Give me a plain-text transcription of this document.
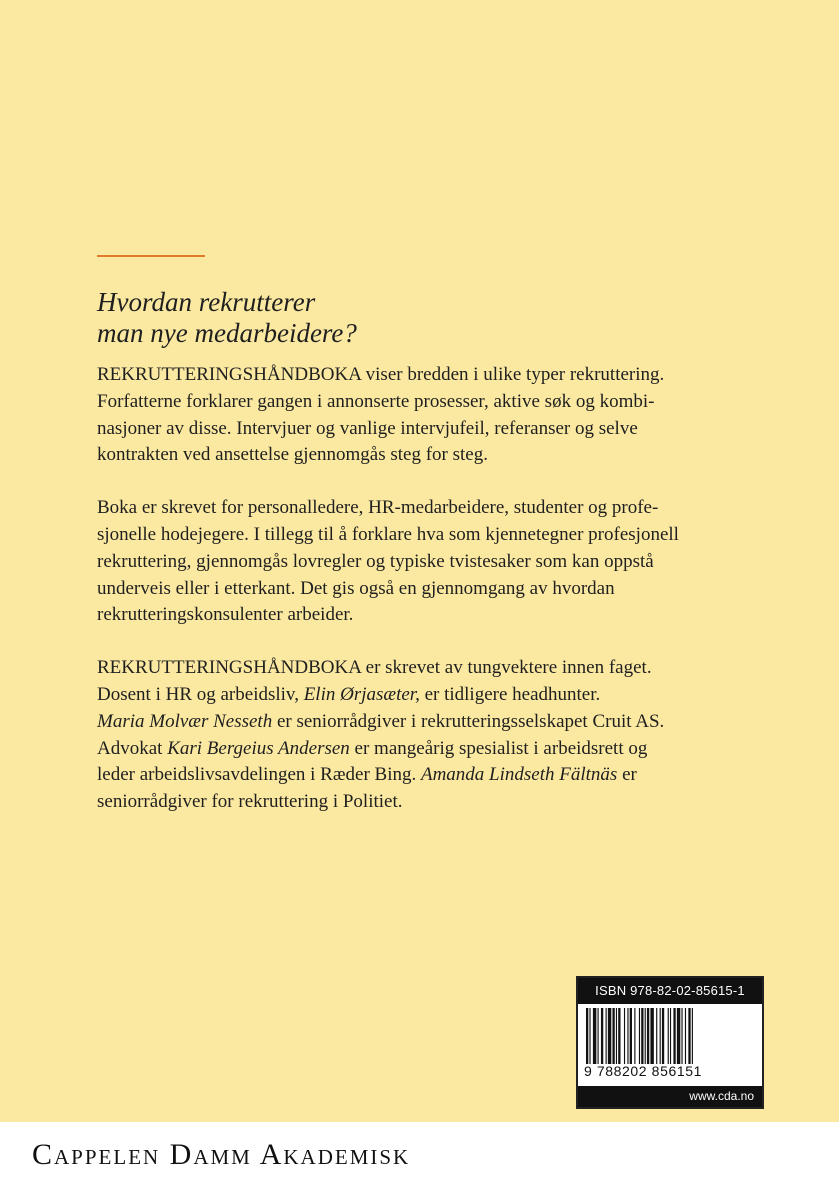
Hvordan rekrutterer
man nye medarbeidere?

REKRUTTERINGSHÅNDBOKA viser bredden i ulike typer rekruttering.
Forfatterne forklarer gangen i annonserte prosesser, aktive søk og kombi-
nasjoner av disse. Intervjuer og vanlige intervjufeil, referanser og selve
kontrakten ved ansettelse gjennomgås steg for steg.

Boka er skrevet for personalledere, HR-medarbeidere, studenter og profe-
sjonelle hodejegere. I tillegg til å forklare hva som kjennetegner profesjonell
rekruttering, gjennomgås lovregler og typiske tvistesaker som kan oppstå
underveis eller i etterkant. Det gis også en gjennomgang av hvordan
rekrutteringskonsulenter arbeider.

REKRUTTERINGSHÅNDBOKA er skrevet av tungvektere innen faget.
Dosent i HR og arbeidsliv, Elin Ørjasæter, er tidligere headhunter.
Maria Molvær Nesseth er seniorrådgiver i rekrutteringsselskapet Cruit AS.
Advokat Kari Bergeius Andersen er mangeårig spesialist i arbeidsrett og
leder arbeidslivsavdelingen i Ræder Bing. Amanda Lindseth Fältnäs er
seniorrådgiver for rekruttering i Politiet.

ISBN 978-82-02-85615-1
9 788202 856151
www.cda.no
Cappelen Damm Akademisk
